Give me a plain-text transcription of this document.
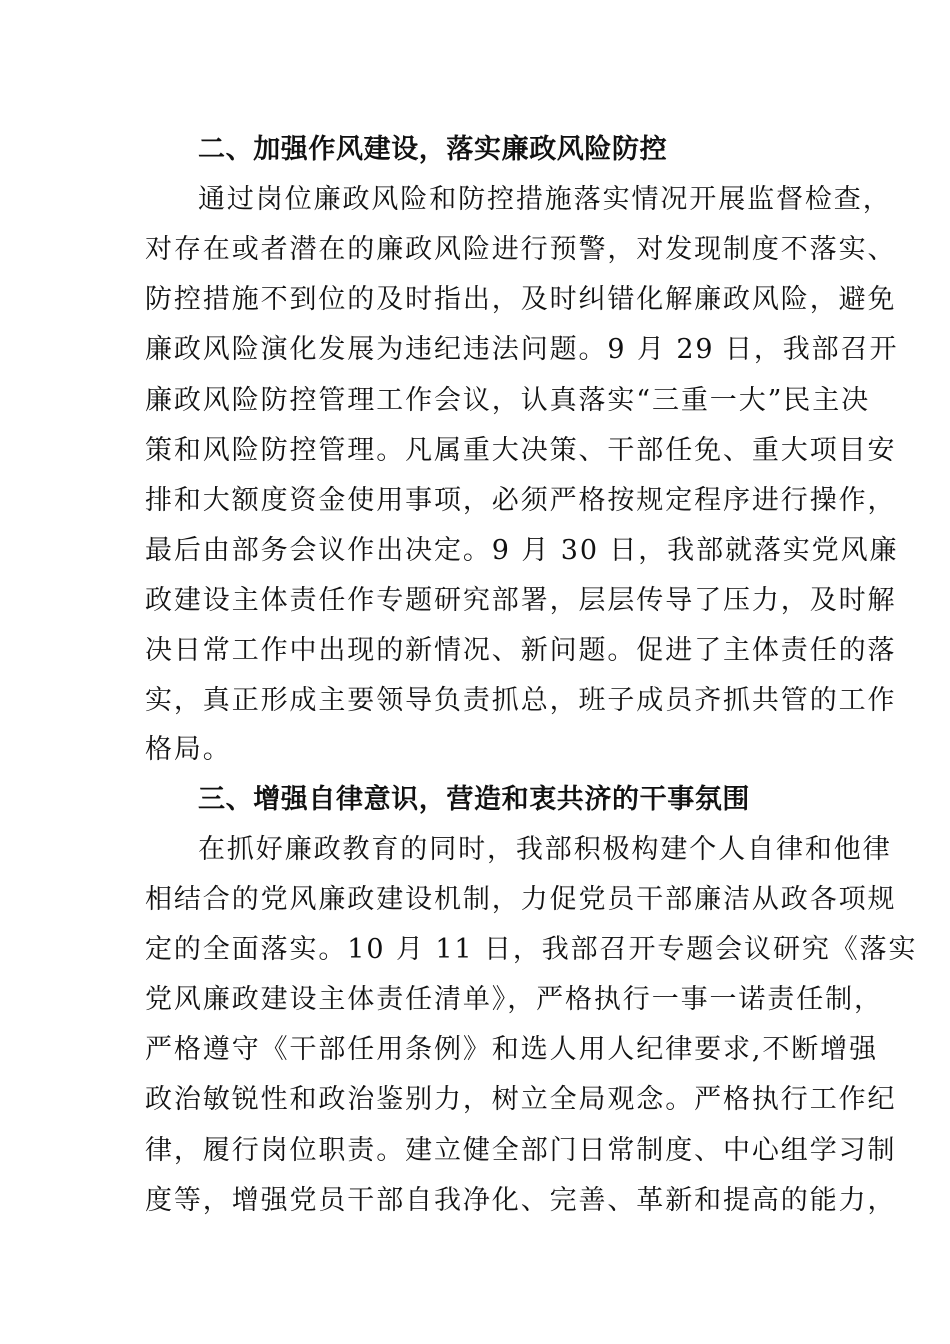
二、加强作风建设，落实廉政风险防控

通过岗位廉政风险和防控措施落实情况开展监督检查，

对存在或者潜在的廉政风险进行预警，对发现制度不落实、

防控措施不到位的及时指出，及时纠错化解廉政风险，避免

廉政风险演化发展为违纪违法问题。9 月 29 日，我部召开

廉政风险防控管理工作会议，认真落实“三重一大”民主决

策和风险防控管理。凡属重大决策、干部任免、重大项目安

排和大额度资金使用事项，必须严格按规定程序进行操作，

最后由部务会议作出决定。9 月 30 日，我部就落实党风廉

政建设主体责任作专题研究部署，层层传导了压力，及时解

决日常工作中出现的新情况、新问题。促进了主体责任的落

实，真正形成主要领导负责抓总，班子成员齐抓共管的工作

格局。

三、增强自律意识，营造和衷共济的干事氛围

在抓好廉政教育的同时，我部积极构建个人自律和他律

相结合的党风廉政建设机制，力促党员干部廉洁从政各项规

定的全面落实。10 月 11 日，我部召开专题会议研究《落实

党风廉政建设主体责任清单》，严格执行一事一诺责任制，

严格遵守《干部任用条例》和选人用人纪律要求,不断增强

政治敏锐性和政治鉴别力，树立全局观念。严格执行工作纪

律，履行岗位职责。建立健全部门日常制度、中心组学习制

度等，增强党员干部自我净化、完善、革新和提高的能力，
